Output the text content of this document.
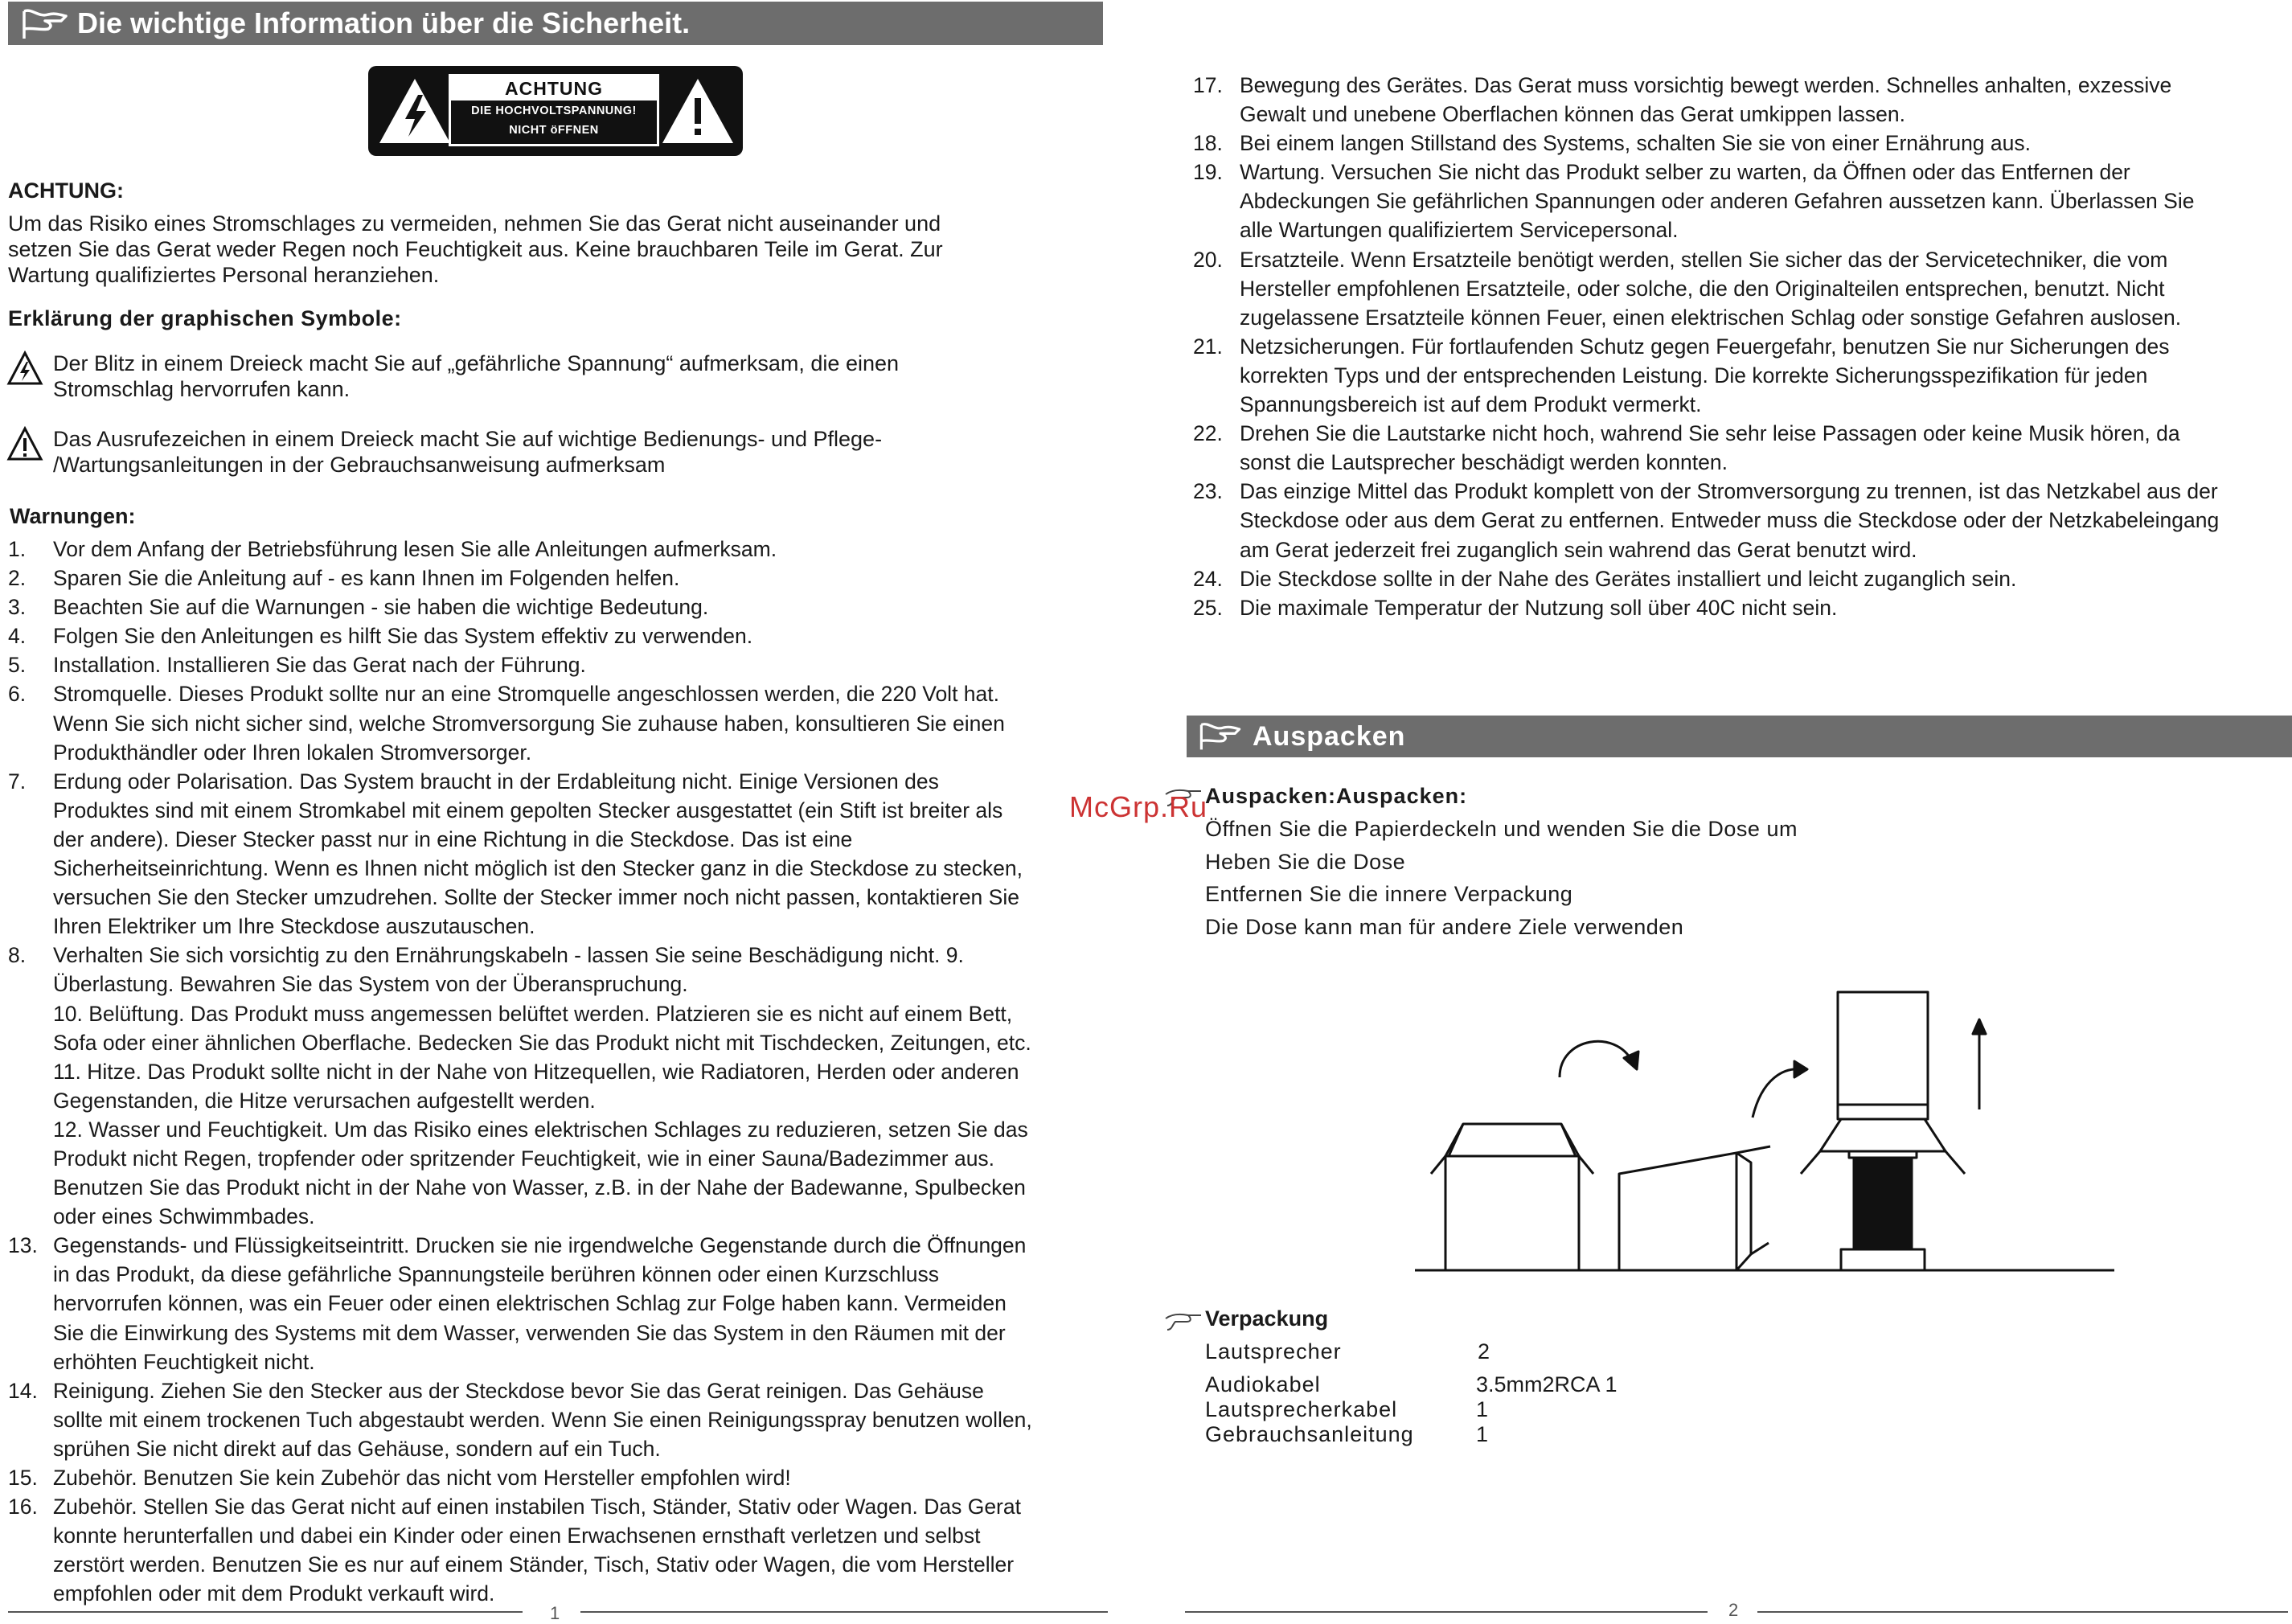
Die wichtige Information über die Sicherheit.
ACHTUNG
DIE HOCHVOLTSPANNUNG!
NICHT öFFNEN
ACHTUNG:
Um das Risiko eines Stromschlages zu vermeiden, nehmen Sie das Gerat nicht auseinander und
setzen Sie das Gerat weder Regen noch Feuchtigkeit aus. Keine brauchbaren Teile im Gerat. Zur
Wartung qualifiziertes Personal heranziehen.
Erklärung der graphischen Symbole:
Der Blitz in einem Dreieck macht Sie auf „gefährliche Spannung“ aufmerksam, die einen
Stromschlag hervorrufen kann.
Das Ausrufezeichen in einem Dreieck macht Sie auf wichtige Bedienungs- und Pflege-
/Wartungsanleitungen in der Gebrauchsanweisung aufmerksam
Warnungen:
1. Vor dem Anfang der Betriebsführung lesen Sie alle Anleitungen aufmerksam.
2. Sparen Sie die Anleitung auf - es kann Ihnen im Folgenden helfen.
3. Beachten Sie auf die Warnungen - sie haben die wichtige Bedeutung.
4. Folgen Sie den Anleitungen es hilft Sie das System effektiv zu verwenden.
5. Installation. Installieren Sie das Gerat nach der Führung.
6. Stromquelle. Dieses Produkt sollte nur an eine Stromquelle angeschlossen werden, die 220 Volt hat.
Wenn Sie sich nicht sicher sind, welche Stromversorgung Sie zuhause haben, konsultieren Sie einen
Produkthändler oder Ihren lokalen Stromversorger.
7. Erdung oder Polarisation. Das System braucht in der Erdableitung nicht. Einige Versionen des
Produktes sind mit einem Stromkabel mit einem gepolten Stecker ausgestattet (ein Stift ist breiter als
der andere). Dieser Stecker passt nur in eine Richtung in die Steckdose. Das ist eine
Sicherheitseinrichtung. Wenn es Ihnen nicht möglich ist den Stecker ganz in die Steckdose zu stecken,
versuchen Sie den Stecker umzudrehen. Sollte der Stecker immer noch nicht passen, kontaktieren Sie
Ihren Elektriker um Ihre Steckdose auszutauschen.
8. Verhalten Sie sich vorsichtig zu den Ernährungskabeln - lassen Sie seine Beschädigung nicht. 9.
Überlastung. Bewahren Sie das System von der Überanspruchung.
10. Belüftung. Das Produkt muss angemessen belüftet werden. Platzieren sie es nicht auf einem Bett,
Sofa oder einer ähnlichen Oberflache. Bedecken Sie das Produkt nicht mit Tischdecken, Zeitungen, etc.
11. Hitze. Das Produkt sollte nicht in der Nahe von Hitzequellen, wie Radiatoren, Herden oder anderen
Gegenstanden, die Hitze verursachen aufgestellt werden.
12. Wasser und Feuchtigkeit. Um das Risiko eines elektrischen Schlages zu reduzieren, setzen Sie das
Produkt nicht Regen, tropfender oder spritzender Feuchtigkeit, wie in einer Sauna/Badezimmer aus.
Benutzen Sie das Produkt nicht in der Nahe von Wasser, z.B. in der Nahe der Badewanne, Spulbecken
oder eines Schwimmbades.
13. Gegenstands- und Flüssigkeitseintritt. Drucken sie nie irgendwelche Gegenstande durch die Öffnungen
in das Produkt, da diese gefährliche Spannungsteile berühren können oder einen Kurzschluss
hervorrufen können, was ein Feuer oder einen elektrischen Schlag zur Folge haben kann. Vermeiden
Sie die Einwirkung des Systems mit dem Wasser, verwenden Sie das System in den Räumen mit der
erhöhten Feuchtigkeit nicht.
14. Reinigung. Ziehen Sie den Stecker aus der Steckdose bevor Sie das Gerat reinigen. Das Gehäuse
sollte mit einem trockenen Tuch abgestaubt werden. Wenn Sie einen Reinigungsspray benutzen wollen,
sprühen Sie nicht direkt auf das Gehäuse, sondern auf ein Tuch.
15. Zubehör. Benutzen Sie kein Zubehör das nicht vom Hersteller empfohlen wird!
16. Zubehör. Stellen Sie das Gerat nicht auf einen instabilen Tisch, Ständer, Stativ oder Wagen. Das Gerat
konnte herunterfallen und dabei ein Kinder oder einen Erwachsenen ernsthaft verletzen und selbst
zerstört werden. Benutzen Sie es nur auf einem Ständer, Tisch, Stativ oder Wagen, die vom Hersteller
empfohlen oder mit dem Produkt verkauft wird.
1
17. Bewegung des Gerätes. Das Gerat muss vorsichtig bewegt werden. Schnelles anhalten, exzessive
Gewalt und unebene Oberflachen können das Gerat umkippen lassen.
18. Bei einem langen Stillstand des Systems, schalten Sie sie von einer Ernährung aus.
19. Wartung. Versuchen Sie nicht das Produkt selber zu warten, da Öffnen oder das Entfernen der
Abdeckungen Sie gefährlichen Spannungen oder anderen Gefahren aussetzen kann. Überlassen Sie
alle Wartungen qualifiziertem Servicepersonal.
20. Ersatzteile. Wenn Ersatzteile benötigt werden, stellen Sie sicher das der Servicetechniker, die vom
Hersteller empfohlenen Ersatzteile, oder solche, die den Originalteilen entsprechen, benutzt. Nicht
zugelassene Ersatzteile können Feuer, einen elektrischen Schlag oder sonstige Gefahren auslosen.
21. Netzsicherungen. Für fortlaufenden Schutz gegen Feuergefahr, benutzen Sie nur Sicherungen des
korrekten Typs und der entsprechenden Leistung. Die korrekte Sicherungsspezifikation für jeden
Spannungsbereich ist auf dem Produkt vermerkt.
22. Drehen Sie die Lautstarke nicht hoch, wahrend Sie sehr leise Passagen oder keine Musik hören, da
sonst die Lautsprecher beschädigt werden konnten.
23. Das einzige Mittel das Produkt komplett von der Stromversorgung zu trennen, ist das Netzkabel aus der
Steckdose oder aus dem Gerat zu entfernen. Entweder muss die Steckdose oder der Netzkabeleingang
am Gerat jederzeit frei zuganglich sein wahrend das Gerat benutzt wird.
24. Die Steckdose sollte in der Nahe des Gerätes installiert und leicht zuganglich sein.
25. Die maximale Temperatur der Nutzung soll über 40C nicht sein.
Auspacken
Auspacken:Auspacken:
McGrp.Ru
Öffnen Sie die Papierdeckeln und wenden Sie die Dose um
Heben Sie die Dose
Entfernen Sie die innere Verpackung
Die Dose kann man für andere Ziele verwenden
Verpackung
Lautsprecher	2
Audiokabel	3.5mm2RCA 1
Lautsprecherkabel	1
Gebrauchsanleitung	1
2
